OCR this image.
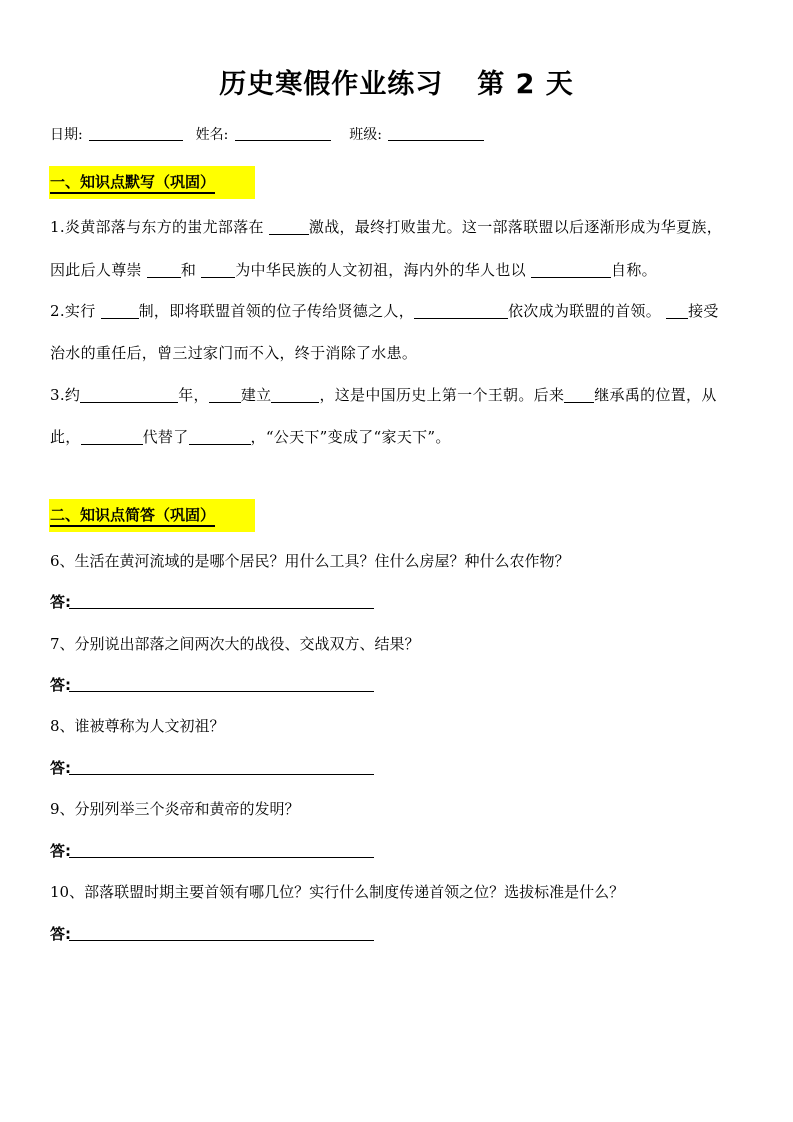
历史寒假作业练习 第 2 天
日期:	姓名:	班级:
一、知识点默写（巩固）
1.炎黄部落与东方的蚩尤部落在	激战，最终打败蚩尤。这一部落联盟以后逐渐形成为华夏族，
因此后人尊崇 和 为中华民族的人文初祖，海内外的华人也以	自称。
2.实行	制，即将联盟首领的位子传给贤德之人，	依次成为联盟的首领。 接受
治水的重任后，曾三过家门而不入，终于消除了水患。
3.约	年， 建立	，这是中国历史上第一个王朝。后来 继承禹的位置，从
此，	代替了	，“公天下”变成了“家天下”。
二、知识点简答（巩固）
6、生活在黄河流域的是哪个居民？用什么工具？住什么房屋？种什么农作物？
答:
7、分别说出部落之间两次大的战役、交战双方、结果？
答:
8、谁被尊称为人文初祖？
答:
9、分别列举三个炎帝和黄帝的发明？
答:
10、部落联盟时期主要首领有哪几位？实行什么制度传递首领之位？选拔标准是什么？
答:
